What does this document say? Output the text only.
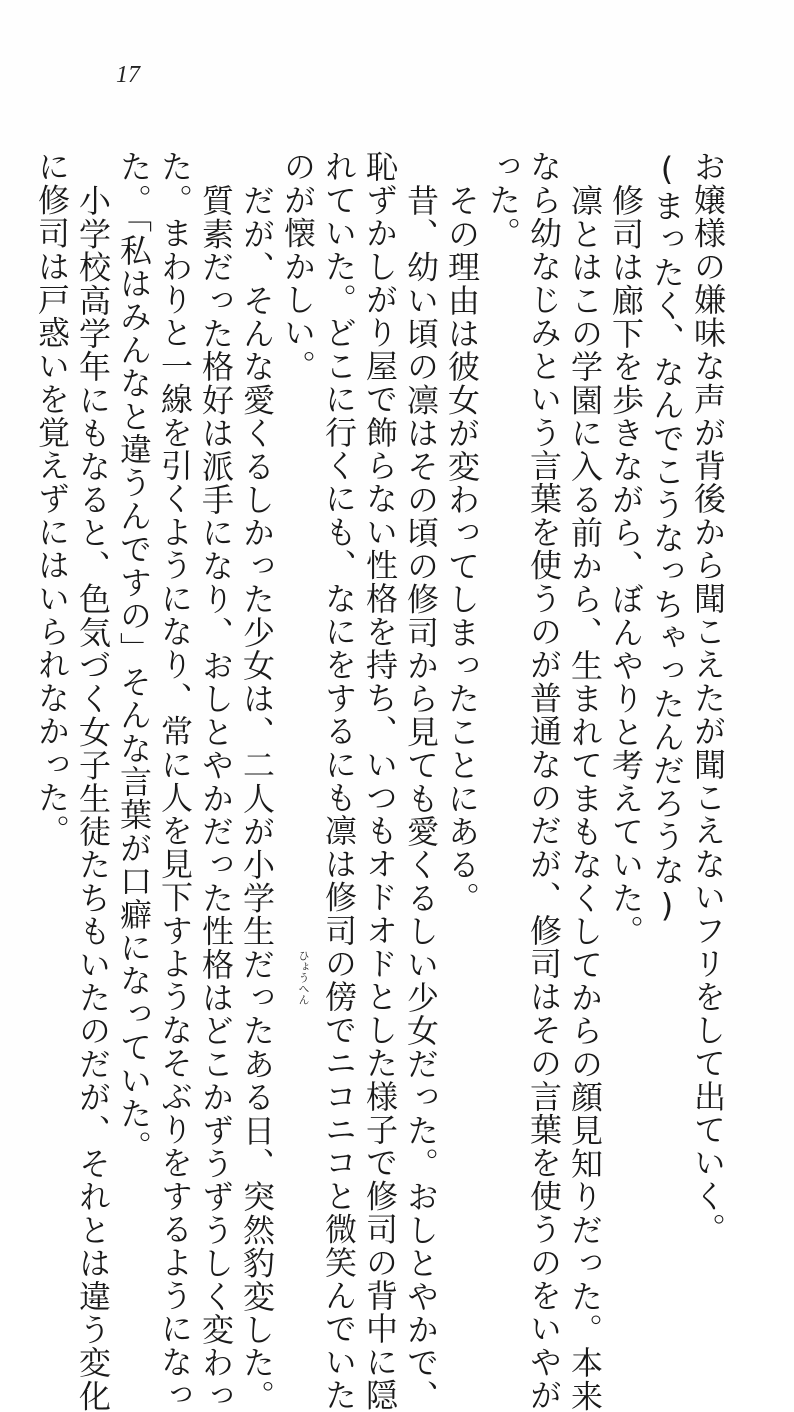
17
お嬢様の嫌味な声が背後から聞こえたが聞こえないフリをして出ていく。
(まったく、なんでこうなっちゃったんだろうな)
修司は廊下を歩きながら、ぼんやりと考えていた。
凛とはこの学園に入る前から、生まれてまもなくしてからの顔見知りだった。本来
なら幼なじみという言葉を使うのが普通なのだが、修司はその言葉を使うのをいやが
った。
その理由は彼女が変わってしまったことにある。
昔、幼い頃の凛はその頃の修司から見ても愛くるしい少女だった。おしとやかで、
恥ずかしがり屋で飾らない性格を持ち、いつもオドオドとした様子で修司の背中に隠
れていた。どこに行くにも、なにをするにも凛は修司の傍でニコニコと微笑んでいた
のが懐かしい。
だが、そんな愛くるしかった少女は、二人が小学生だったある日、突然豹変した。
質素だった格好は派手になり、おしとやかだった性格はどこかずうずうしく変わっ
た。まわりと一線を引くようになり、常に人を見下すようなそぶりをするようになっ
た。「私はみんなと違うんですの」そんな言葉が口癖になっていた。
小学校高学年にもなると、色気づく女子生徒たちもいたのだが、それとは違う変化
に修司は戸惑いを覚えずにはいられなかった。
ひょうへん
